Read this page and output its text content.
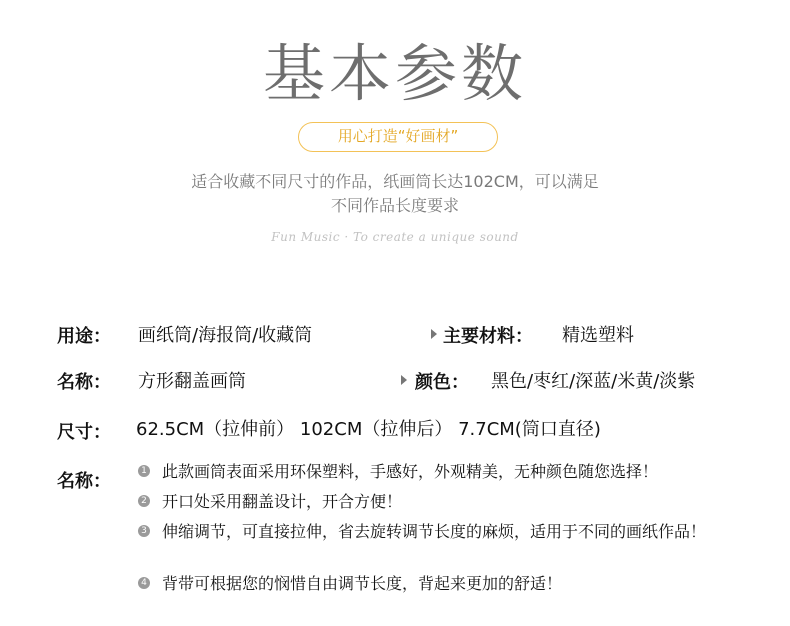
基本参数
用心打造“好画材”
适合收藏不同尺寸的作品，纸画筒长达102CM，可以满足
不同作品长度要求
Fun Music · To create a unique sound
用途： 画纸筒/海报筒/收藏筒	主要材料： 精选塑料
名称： 方形翻盖画筒	颜色： 黑色/枣红/深蓝/米黄/淡紫
尺寸： 62.5CM（拉伸前） 102CM（拉伸后） 7.7CM(筒口直径)
名称：	1 此款画筒表面采用环保塑料，手感好，外观精美，无种颜色随您选择！
2 开口处采用翻盖设计，开合方便！
3 伸缩调节，可直接拉伸，省去旋转调节长度的麻烦，适用于不同的画纸作品！
4 背带可根据您的悯惜自由调节长度，背起来更加的舒适！
